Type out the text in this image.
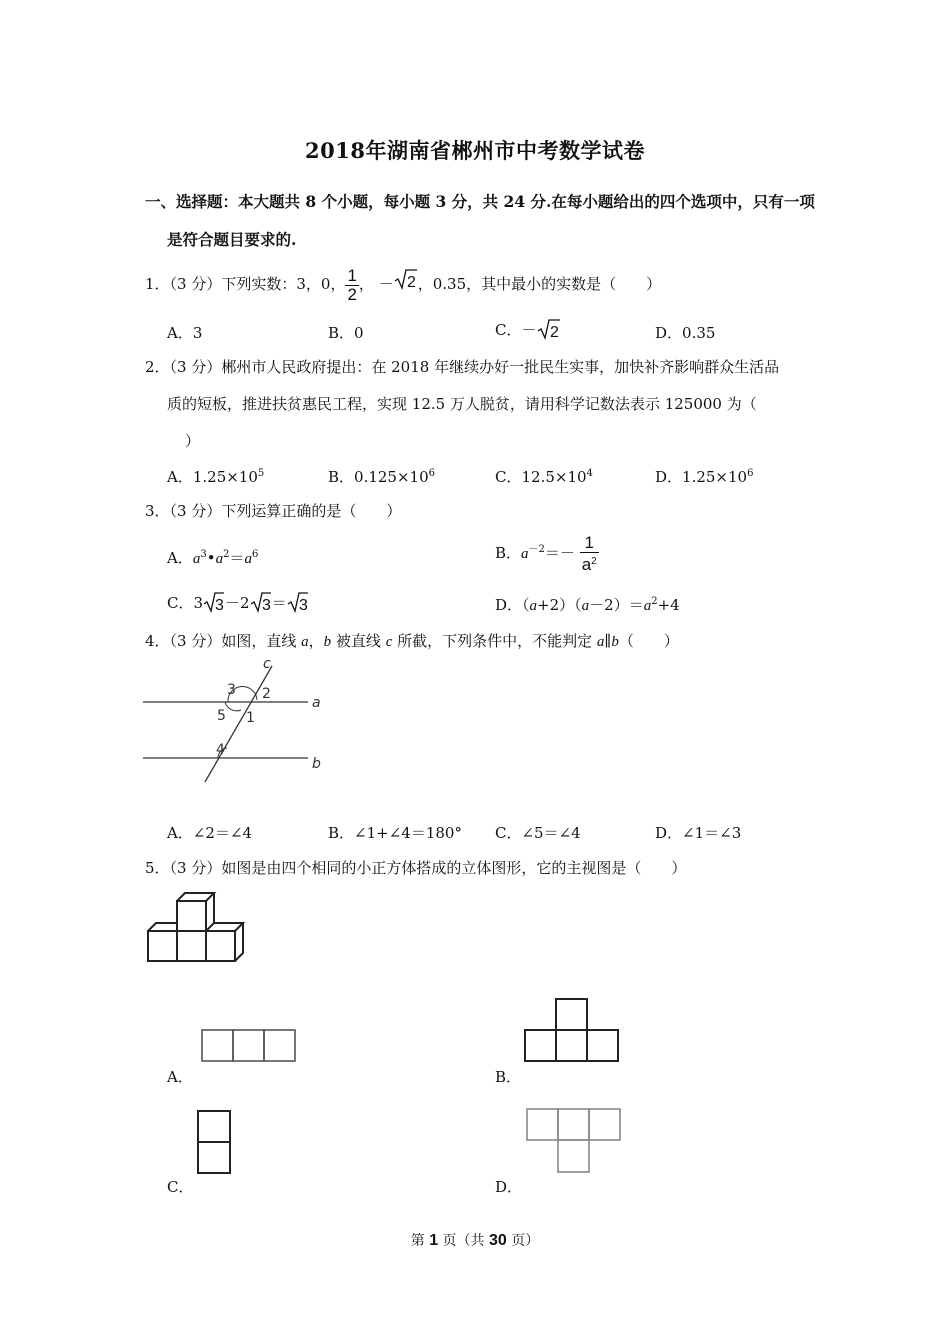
2018年湖南省郴州市中考数学试卷
一、选择题：本大题共 8 个小题，每小题 3 分，共 24 分.在每小题给出的四个选项中，只有一项
是符合题目要求的.
1．（3 分）下列实数：3，0， $\frac{1}{2}$ ， － 2 ，0.35，其中最小的实数是（　　）
A．3	B．0	C．－ 2	D．0.35
2．（3 分）郴州市人民政府提出：在 2018 年继续办好一批民生实事，加快补齐影响群众生活品
质的短板，推进扶贫惠民工程，实现 12.5 万人脱贫，请用科学记数法表示 125000 为（
）
A．$1.25\times 10^5$	B．$0.125\times 10^6$	C．$12.5\times 10^4$	D．$1.25\times 10^6$
3．（3 分）下列运算正确的是（　　）
A．$a^3•a^2=a^6$	B．$a^{-2}=- \frac{1}{a^2}$
C．3 3 －2 3 ＝ 3	D．$(a+2)(a-2)=a^2+4$
4．（3 分）如图，直线 a，b 被直线 c 所截，下列条件中，不能判定 a∥b（　　）
c
a
b
3 2
5 1
4
A．∠2＝∠4	B．∠1+∠4＝180° C．∠5＝∠4	D．∠1＝∠3
5．（3 分）如图是由四个相同的小正方体搭成的立体图形，它的主视图是（　　）
A．	B．
C．	D．
第 1 页（共 30 页）
